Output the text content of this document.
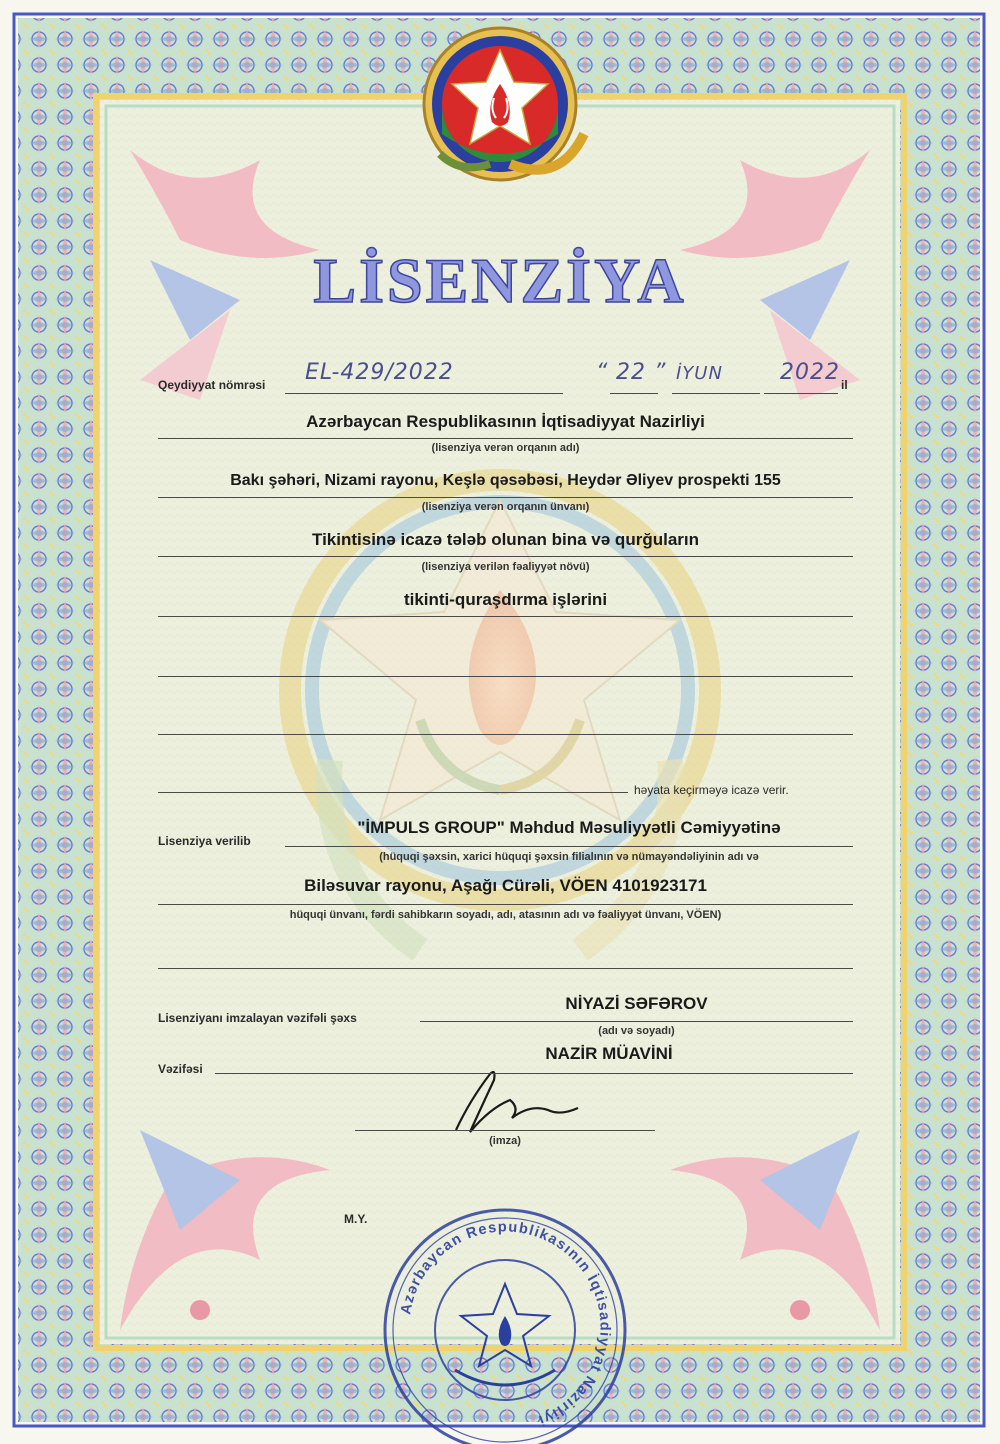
LİSENZİYA
Qeydiyyat nömrəsi EL-429/2022	“ 22 ” İYUN	2022 il
Azərbaycan Respublikasının İqtisadiyyat Nazirliyi
(lisenziya verən orqanın adı)
Bakı şəhəri, Nizami rayonu, Keşlə qəsəbəsi, Heydər Əliyev prospekti 155
(lisenziya verən orqanın ünvanı)
Tikintisinə icazə tələb olunan bina və qurğuların
(lisenziya verilən fəaliyyət növü)
tikinti-quraşdırma işlərini
həyata keçirməyə icazə verir.
Lisenziya verilib
"İMPULS GROUP" Məhdud Məsuliyyətli Cəmiyyətinə
(hüquqi şəxsin, xarici hüquqi şəxsin filialının və nümayəndəliyinin adı və
Biləsuvar rayonu, Aşağı Cürəli, VÖEN 4101923171
hüquqi ünvanı, fərdi sahibkarın soyadı, adı, atasının adı və fəaliyyət ünvanı, VÖEN)
Lisenziyanı imzalayan vəzifəli şəxs
NİYAZİ SƏFƏROV
(adı və soyadı)
Vəzifəsi
NAZİR MÜAVİNİ
(imza)
M.Y.
Azərbaycan Respublikasının İqtisadiyyat Nazirliyi
